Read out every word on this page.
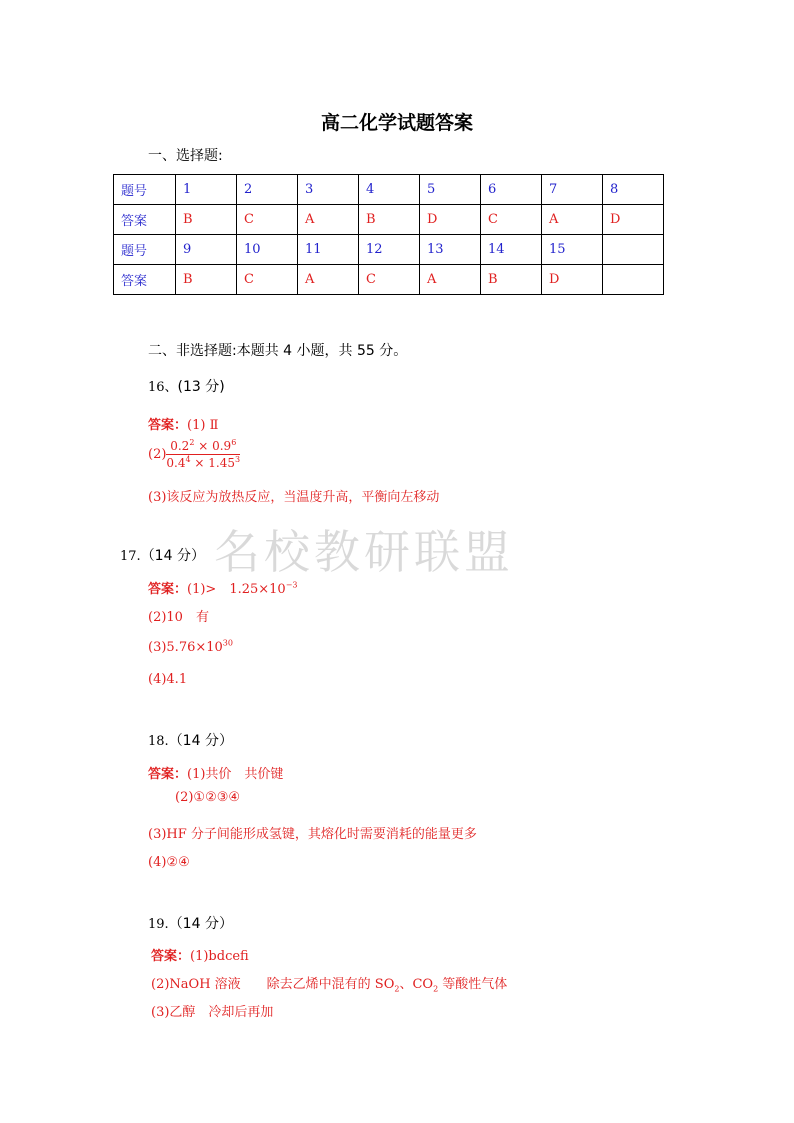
高二化学试题答案
一、选择题:
题号	1	2	3	4	5	6	7	8
答案	B	C	A	B	D	C	A	D
题号	9	10	11	12	13	14	15	
答案	B	C	A	C	A	B	D	
二、非选择题:本题共 4 小题，共 55 分。
16、(13 分)
答案：(1) Ⅱ
$(2) \frac{0.2^2 \times 0.9^6}{0.4^4 \times 1.45^3}$
(3)该反应为放热反应，当温度升高，平衡向左移动
名校教研联盟
17.（14 分）
答案：(1)>　$1.25\times 10^{-3}$
(2)10　有
$(3)5.76\times 10^{30}$
(4)4.1
18.（14 分）
答案：(1)共价　共价键
(2)①②③④
(3)HF 分子间能形成氢键，其熔化时需要消耗的能量更多
(4)②④
19.（14 分）
答案：(1)bdcefi
(2)NaOH 溶液　　除去乙烯中混有的 $SO_2$、$CO_2$ 等酸性气体
(3)乙醇　冷却后再加
